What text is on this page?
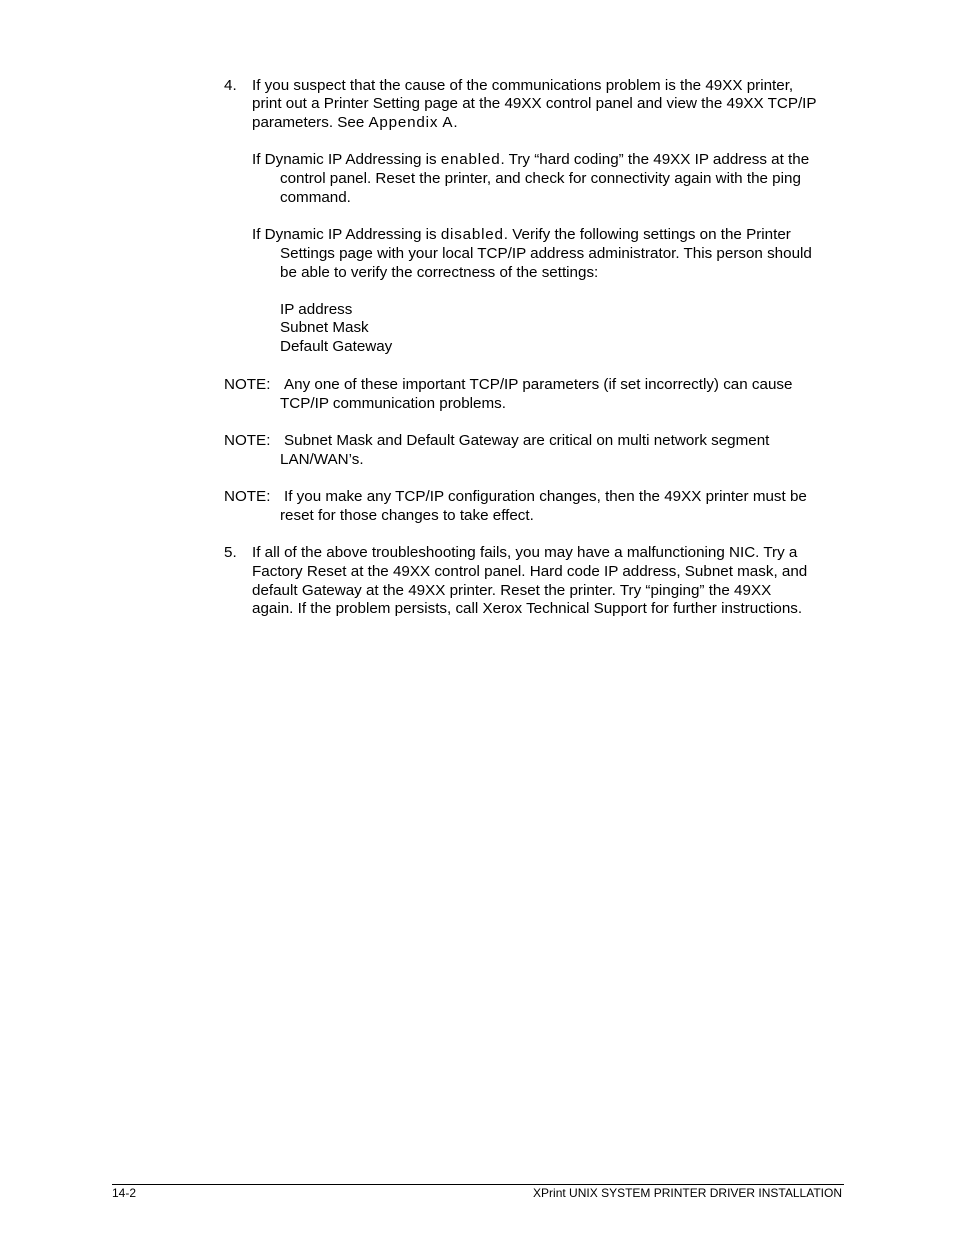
4. If you suspect that the cause of the communications problem is the 49XX printer,
print out a Printer Setting page at the 49XX control panel and view the 49XX TCP/IP
parameters. See Appendix A.
If Dynamic IP Addressing is enabled. Try “hard coding” the 49XX IP address at the
control panel. Reset the printer, and check for connectivity again with the ping
command.
If Dynamic IP Addressing is disabled. Verify the following settings on the Printer
Settings page with your local TCP/IP address administrator. This person should
be able to verify the correctness of the settings:
IP address
Subnet Mask
Default Gateway
NOTE: Any one of these important TCP/IP parameters (if set incorrectly) can cause
TCP/IP communication problems.
NOTE: Subnet Mask and Default Gateway are critical on multi network segment
LAN/WAN’s.
NOTE: If you make any TCP/IP configuration changes, then the 49XX printer must be
reset for those changes to take effect.
5. If all of the above troubleshooting fails, you may have a malfunctioning NIC. Try a
Factory Reset at the 49XX control panel. Hard code IP address, Subnet mask, and
default Gateway at the 49XX printer. Reset the printer. Try “pinging” the 49XX
again. If the problem persists, call Xerox Technical Support for further instructions.
14-2	XPrint UNIX SYSTEM PRINTER DRIVER INSTALLATION
